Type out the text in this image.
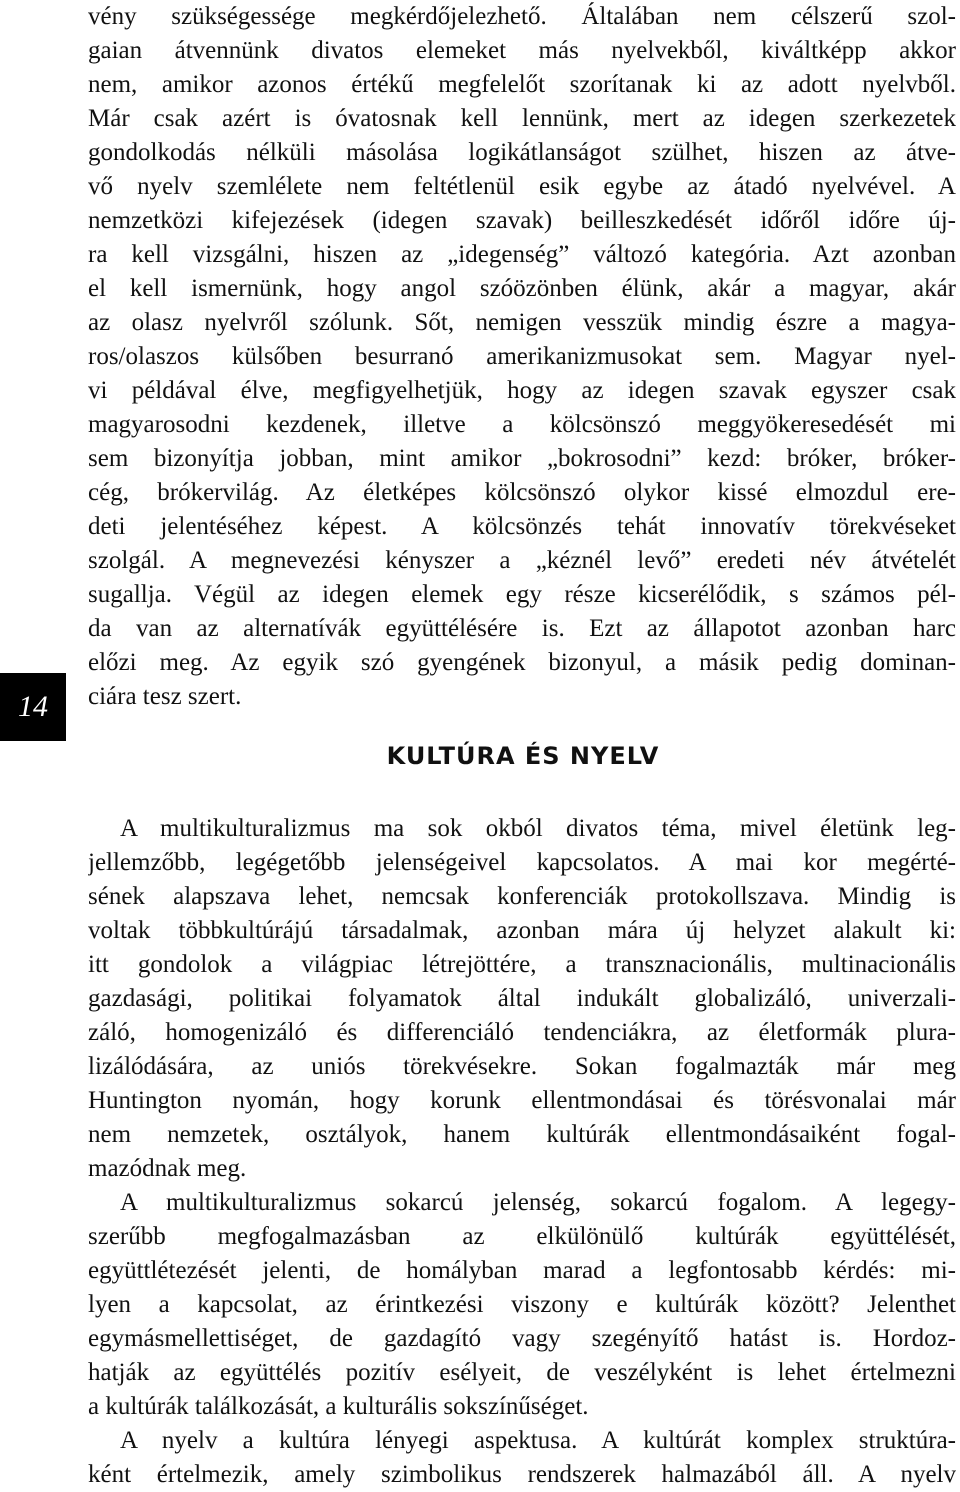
14
vény szükségessége megkérdőjelezhető. Általában nem célszerű szol-
gaian átvennünk divatos elemeket más nyelvekből, kiváltképp akkor
nem, amikor azonos értékű megfelelőt szorítanak ki az adott nyelvből.
Már csak azért is óvatosnak kell lennünk, mert az idegen szerkezetek
gondolkodás nélküli másolása logikátlanságot szülhet, hiszen az átve-
vő nyelv szemlélete nem feltétlenül esik egybe az átadó nyelvével. A
nemzetközi kifejezések (idegen szavak) beilleszkedését időről időre új-
ra kell vizsgálni, hiszen az „idegenség” változó kategória. Azt azonban
el kell ismernünk, hogy angol szóözönben élünk, akár a magyar, akár
az olasz nyelvről szólunk. Sőt, nemigen vesszük mindig észre a magya-
ros/olaszos külsőben besurranó amerikanizmusokat sem. Magyar nyel-
vi példával élve, megfigyelhetjük, hogy az idegen szavak egyszer csak
magyarosodni kezdenek, illetve a kölcsönszó meggyökeresedését mi
sem bizonyítja jobban, mint amikor „bokrosodni” kezd: bróker, bróker-
cég, brókervilág. Az életképes kölcsönszó olykor kissé elmozdul ere-
deti jelentéséhez képest. A kölcsönzés tehát innovatív törekvéseket
szolgál. A megnevezési kényszer a „kéznél levő” eredeti név átvételét
sugallja. Végül az idegen elemek egy része kicserélődik, s számos pél-
da van az alternatívák együttélésére is. Ezt az állapotot azonban harc
előzi meg. Az egyik szó gyengének bizonyul, a másik pedig dominan-
ciára tesz szert.
KULTÚRA ÉS NYELV
A multikulturalizmus ma sok okból divatos téma, mivel életünk leg-
jellemzőbb, legégetőbb jelenségeivel kapcsolatos. A mai kor megérté-
sének alapszava lehet, nemcsak konferenciák protokollszava. Mindig is
voltak többkultúrájú társadalmak, azonban mára új helyzet alakult ki:
itt gondolok a világpiac létrejöttére, a transznacionális, multinacionális
gazdasági, politikai folyamatok által indukált globalizáló, univerzali-
záló, homogenizáló és differenciáló tendenciákra, az életformák plura-
lizálódására, az uniós törekvésekre. Sokan fogalmazták már meg
Huntington nyomán, hogy korunk ellentmondásai és törésvonalai már
nem nemzetek, osztályok, hanem kultúrák ellentmondásaiként fogal-
mazódnak meg.
A multikulturalizmus sokarcú jelenség, sokarcú fogalom. A legegy-
szerűbb megfogalmazásban az elkülönülő kultúrák együttélését,
együttlétezését jelenti, de homályban marad a legfontosabb kérdés: mi-
lyen a kapcsolat, az érintkezési viszony e kultúrák között? Jelenthet
egymásmellettiséget, de gazdagító vagy szegényítő hatást is. Hordoz-
hatják az együttélés pozitív esélyeit, de veszélyként is lehet értelmezni
a kultúrák találkozását, a kulturális sokszínűséget.
A nyelv a kultúra lényegi aspektusa. A kultúrát komplex struktúra-
ként értelmezik, amely szimbolikus rendszerek halmazából áll. A nyelv
